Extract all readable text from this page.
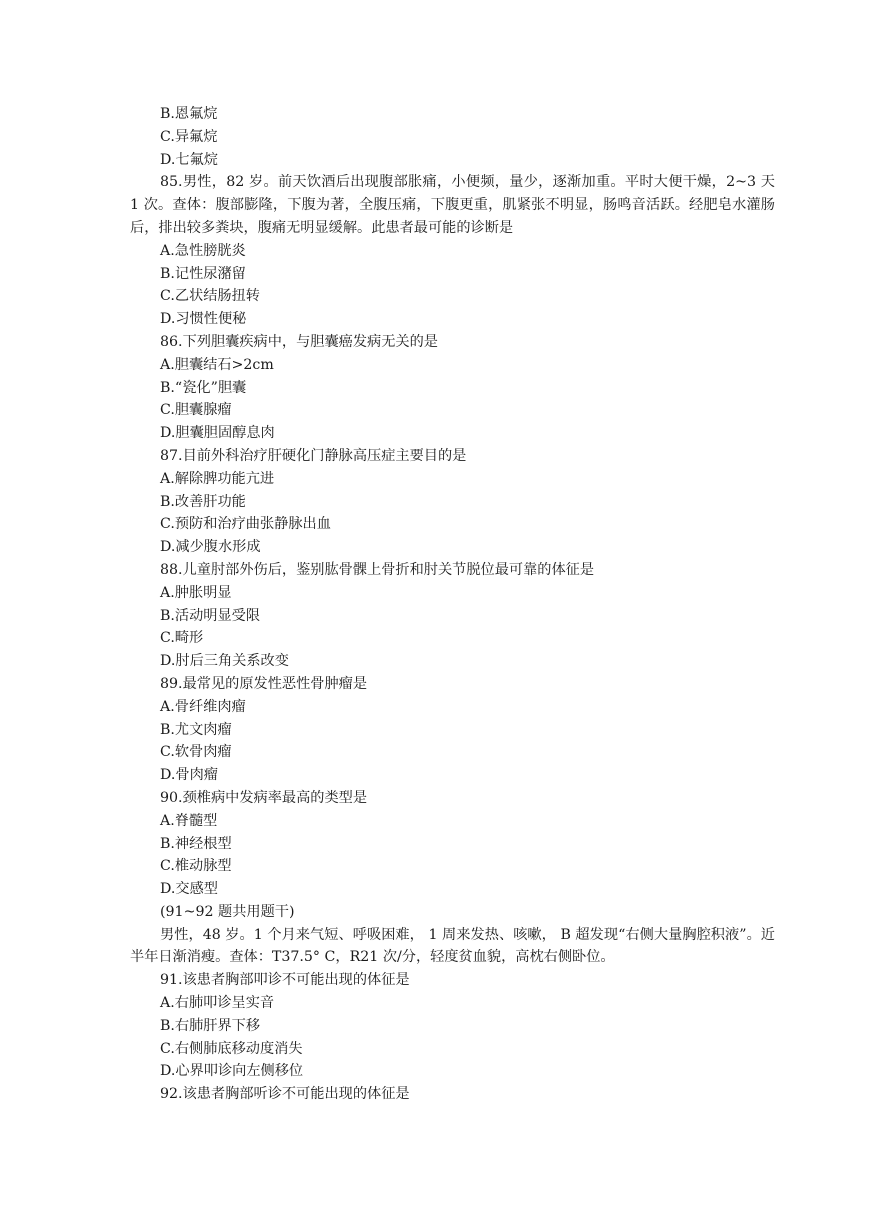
B.恩氟烷

C.异氟烷

D.七氟烷

85.男性，82 岁。前天饮酒后出现腹部胀痛，小便频，量少，逐渐加重。平时大便干燥，2~3 天 1 次。查体：腹部膨隆，下腹为著，全腹压痛，下腹更重，肌紧张不明显，肠鸣音活跃。经肥皂水灌肠后，排出较多粪块，腹痛无明显缓解。此患者最可能的诊断是

A.急性膀胱炎

B.记性尿潴留

C.乙状结肠扭转

D.习惯性便秘

86.下列胆囊疾病中，与胆囊癌发病无关的是

A.胆囊结石>2cm

B.“瓷化”胆囊

C.胆囊腺瘤

D.胆囊胆固醇息肉

87.目前外科治疗肝硬化门静脉高压症主要目的是

A.解除脾功能亢进

B.改善肝功能

C.预防和治疗曲张静脉出血

D.减少腹水形成

88.儿童肘部外伤后，鉴别肱骨髁上骨折和肘关节脱位最可靠的体征是

A.肿胀明显

B.活动明显受限

C.畸形

D.肘后三角关系改变

89.最常见的原发性恶性骨肿瘤是

A.骨纤维肉瘤

B.尤文肉瘤

C.软骨肉瘤

D.骨肉瘤

90.颈椎病中发病率最高的类型是

A.脊髓型

B.神经根型

C.椎动脉型

D.交感型

(91~92 题共用题干)

男性，48 岁。1 个月来气短、呼吸困难， 1 周来发热、咳嗽， B 超发现“右侧大量胸腔积液”。近半年日渐消瘦。查体：T37.5° C，R21 次/分，轻度贫血貌，高枕右侧卧位。

91.该患者胸部叩诊不可能出现的体征是

A.右肺叩诊呈实音

B.右肺肝界下移

C.右侧肺底移动度消失

D.心界叩诊向左侧移位

92.该患者胸部听诊不可能出现的体征是
